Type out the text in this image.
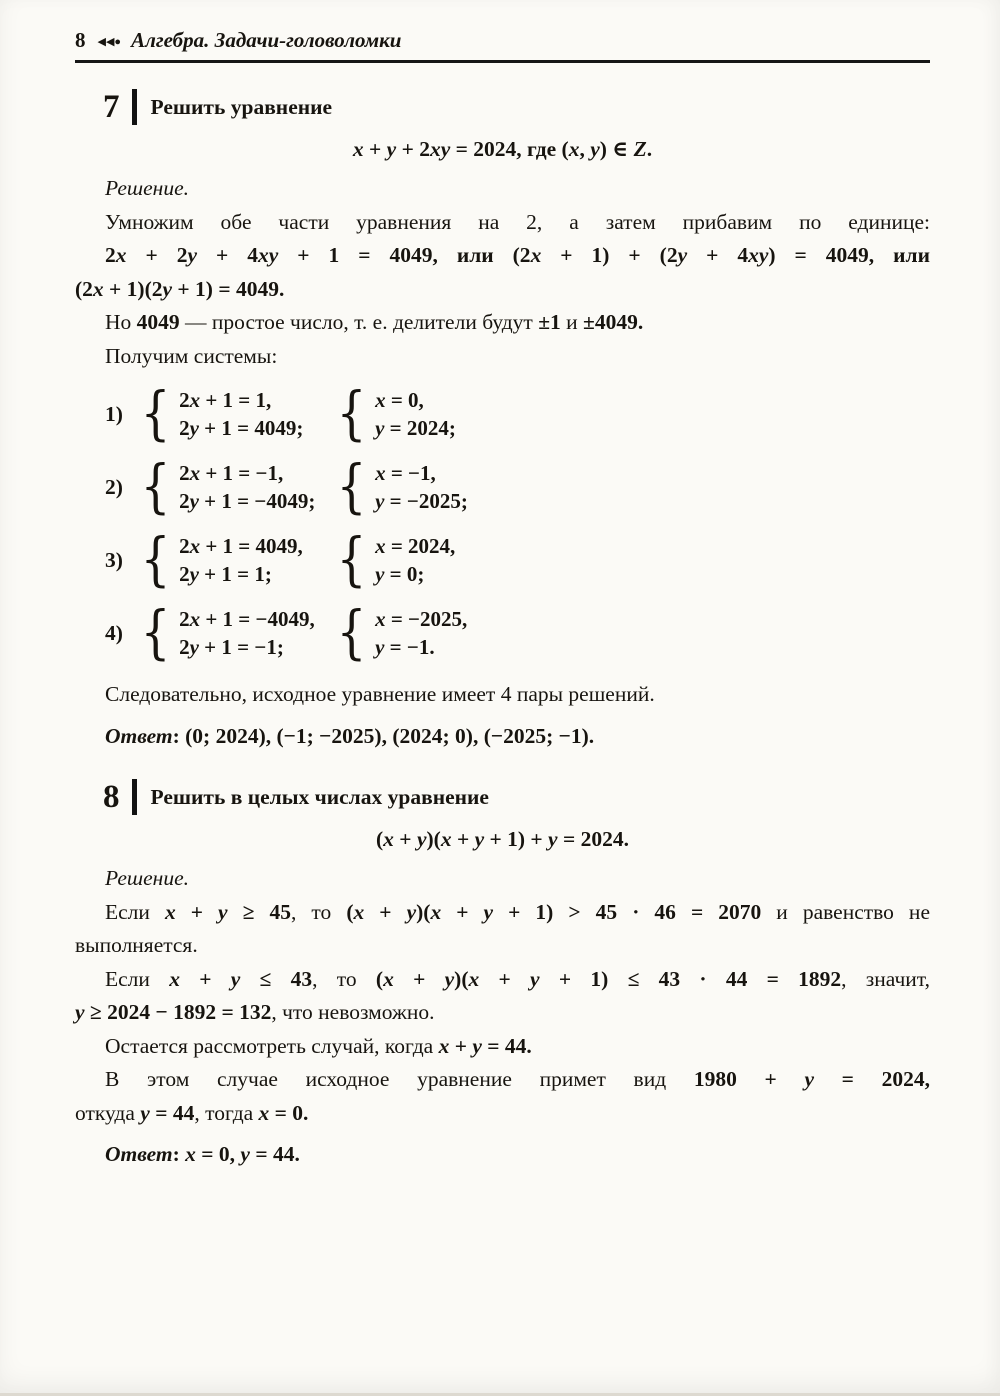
8 ◀◀● Алгебра. Задачи-головоломки
7 Решить уравнение
x + y + 2xy = 2024, где (x, y) ∈ Z.
Решение.
Умножим обе части уравнения на 2, а затем прибавим по единице:
2x + 2y + 4xy + 1 = 4049, или (2x + 1) + (2y + 4xy) = 4049, или
(2x + 1)(2y + 1) = 4049.
Но 4049 — простое число, т. е. делители будут ±1 и ±4049.
Получим системы:
1) { 2x + 1 = 1,
2y + 1 = 4049; { x = 0,
y = 2024;
2) { 2x + 1 = −1,
2y + 1 = −4049; { x = −1,
y = −2025;
3) { 2x + 1 = 4049,
2y + 1 = 1;	{ x = 2024,
y = 0;
4) { 2x + 1 = −4049,
2y + 1 = −1;	{ x = −2025,
y = −1.
Следовательно, исходное уравнение имеет 4 пары решений.
Ответ: (0; 2024), (−1; −2025), (2024; 0), (−2025; −1).
8 Решить в целых числах уравнение
(x + y)(x + y + 1) + y = 2024.
Решение.
Если x + y ≥ 45, то (x + y)(x + y + 1) > 45 · 46 = 2070 и равенство не
выполняется.
Если x + y ≤ 43, то (x + y)(x + y + 1) ≤ 43 · 44 = 1892, значит,
y ≥ 2024 − 1892 = 132, что невозможно.
Остается рассмотреть случай, когда x + y = 44.
В этом случае исходное уравнение примет вид 1980 + y = 2024,
откуда y = 44, тогда x = 0.
Ответ: x = 0, y = 44.
